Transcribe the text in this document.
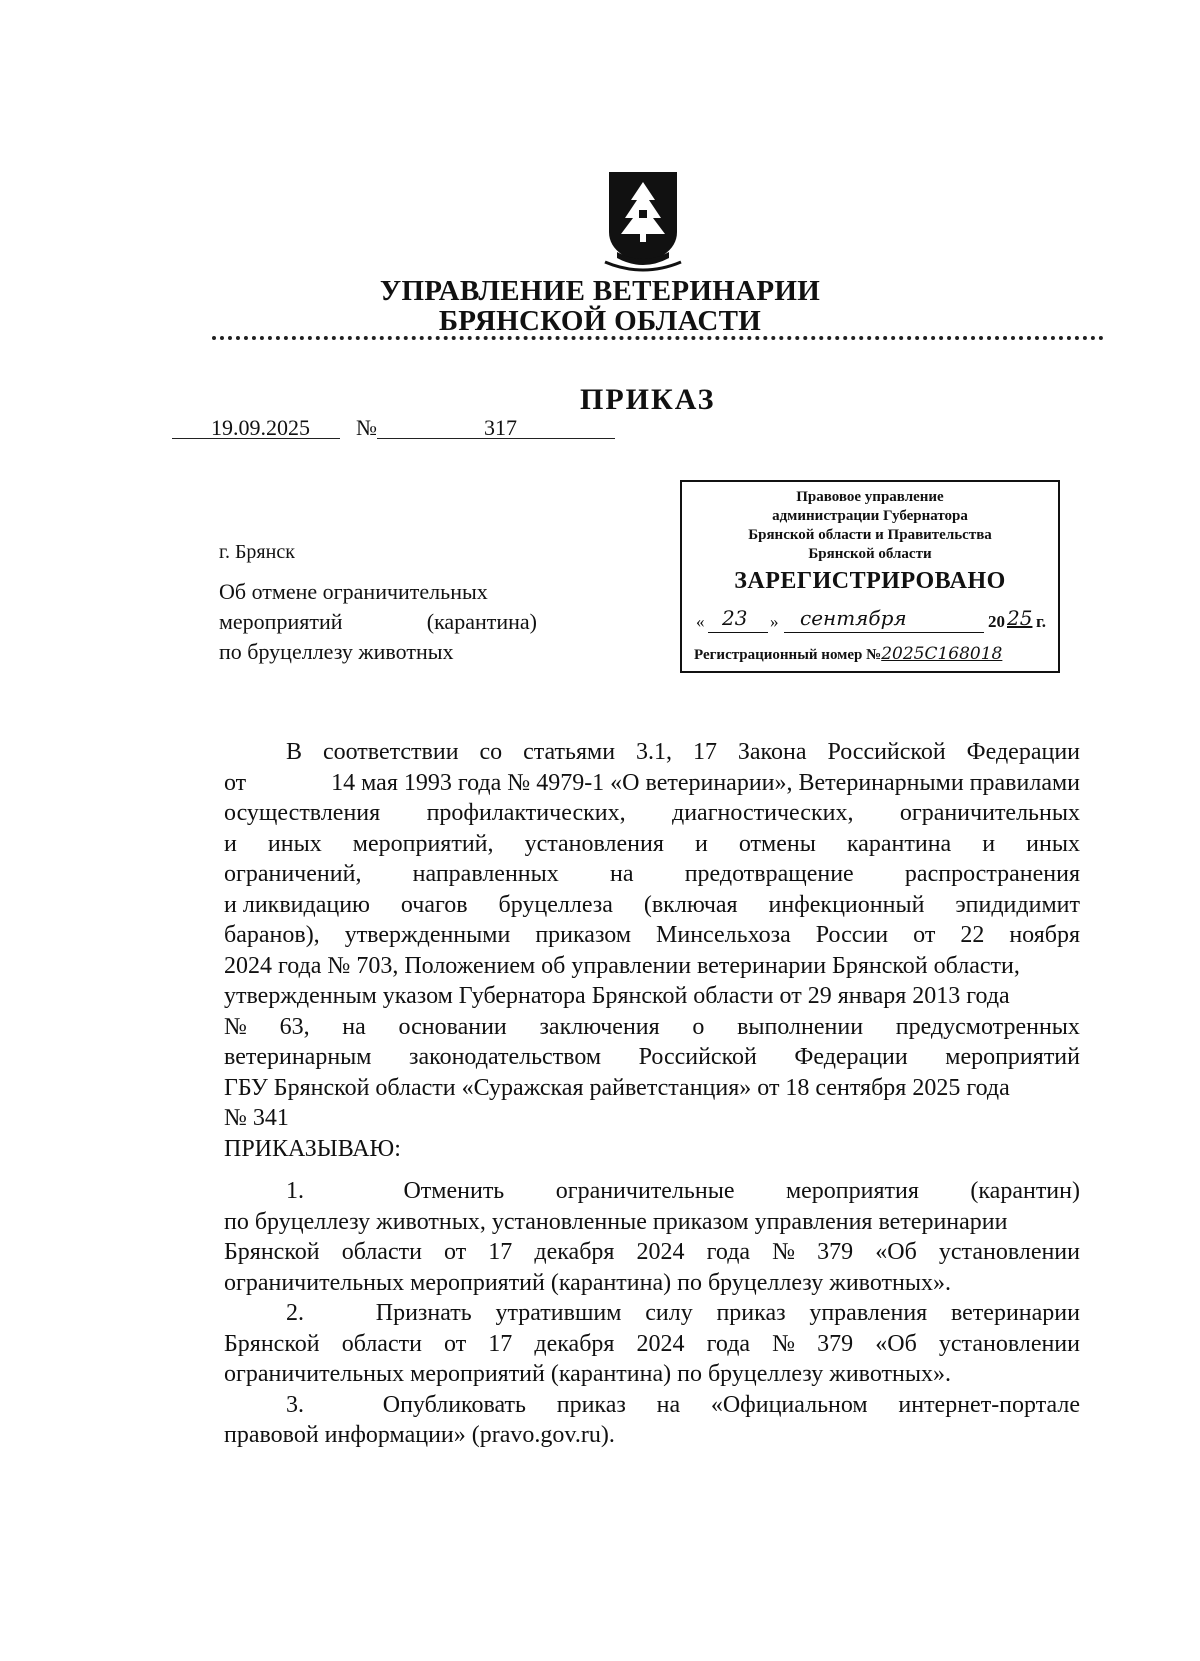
УПРАВЛЕНИЕ ВЕТЕРИНАРИИ
БРЯНСКОЙ ОБЛАСТИ
ПРИКАЗ
19.09.2025 №	317
г. Брянск
Об отмене ограничительных
мероприятий	(карантина)
по бруцеллезу животных
Правовое управление
администрации Губернатора
Брянской области и Правительства
Брянской области
ЗАРЕГИСТРИРОВАНО
« 23 » сентября	20 25 г.
Регистрационный номер №2025С168018
В соответствии со статьями 3.1, 17 Закона Российской Федерации
от	14 мая 1993 года № 4979-1 «О ветеринарии», Ветеринарными правилами
осуществления профилактических, диагностических, ограничительных
и иных мероприятий, установления и отмены карантина и иных
ограничений, направленных на предотвращение распространения
и ликвидацию очагов бруцеллеза (включая инфекционный эпидидимит
баранов), утвержденными приказом Минсельхоза России от 22 ноября
2024 года № 703, Положением об управлении ветеринарии Брянской области,
утвержденным указом Губернатора Брянской области от 29 января 2013 года
№ 63, на основании заключения о выполнении предусмотренных
ветеринарным законодательством Российской Федерации мероприятий
ГБУ Брянской области «Суражская райветстанция» от 18 сентября 2025 года
№ 341
ПРИКАЗЫВАЮ:
1.	Отменить ограничительные мероприятия (карантин)
по бруцеллезу животных, установленные приказом управления ветеринарии
Брянской области от 17 декабря 2024 года № 379 «Об установлении
ограничительных мероприятий (карантина) по бруцеллезу животных».
2.	Признать утратившим силу приказ управления ветеринарии
Брянской области от 17 декабря 2024 года № 379 «Об установлении
ограничительных мероприятий (карантина) по бруцеллезу животных».
3.	Опубликовать приказ на «Официальном интернет-портале
правовой информации» (pravo.gov.ru).
